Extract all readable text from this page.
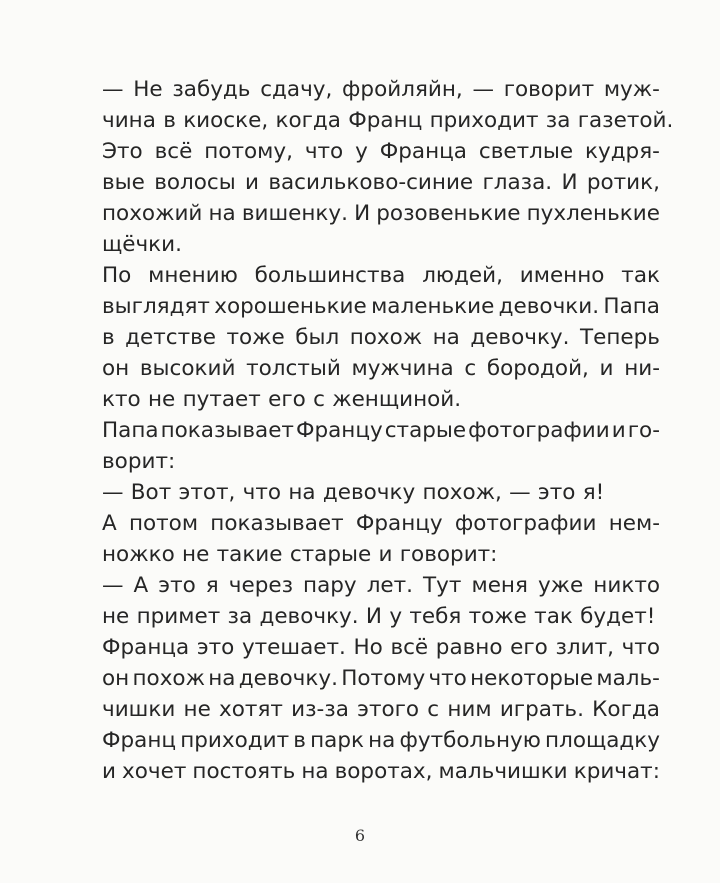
— Не забудь сдачу, фройляйн, — говорит муж-
чина в киоске, когда Франц приходит за газетой.
Это всё потому, что у Франца светлые кудря-
вые волосы и васильково-синие глаза. И ротик,
похожий на вишенку. И розовенькие пухленькие
щёчки.
По мнению большинства людей, именно так
выглядят хорошенькие маленькие девочки. Папа
в детстве тоже был похож на девочку. Теперь
он высокий толстый мужчина с бородой, и ни-
кто не путает его с женщиной.
Папа показывает Францу старые фотографии и го-
ворит:
— Вот этот, что на девочку похож, — это я!
А потом показывает Францу фотографии нем-
ножко не такие старые и говорит:
— А это я через пару лет. Тут меня уже никто
не примет за девочку. И у тебя тоже так будет!
Франца это утешает. Но всё равно его злит, что
он похож на девочку. Потому что некоторые маль-
чишки не хотят из-за этого с ним играть. Когда
Франц приходит в парк на футбольную площадку
и хочет постоять на воротах, мальчишки кричат:
6
